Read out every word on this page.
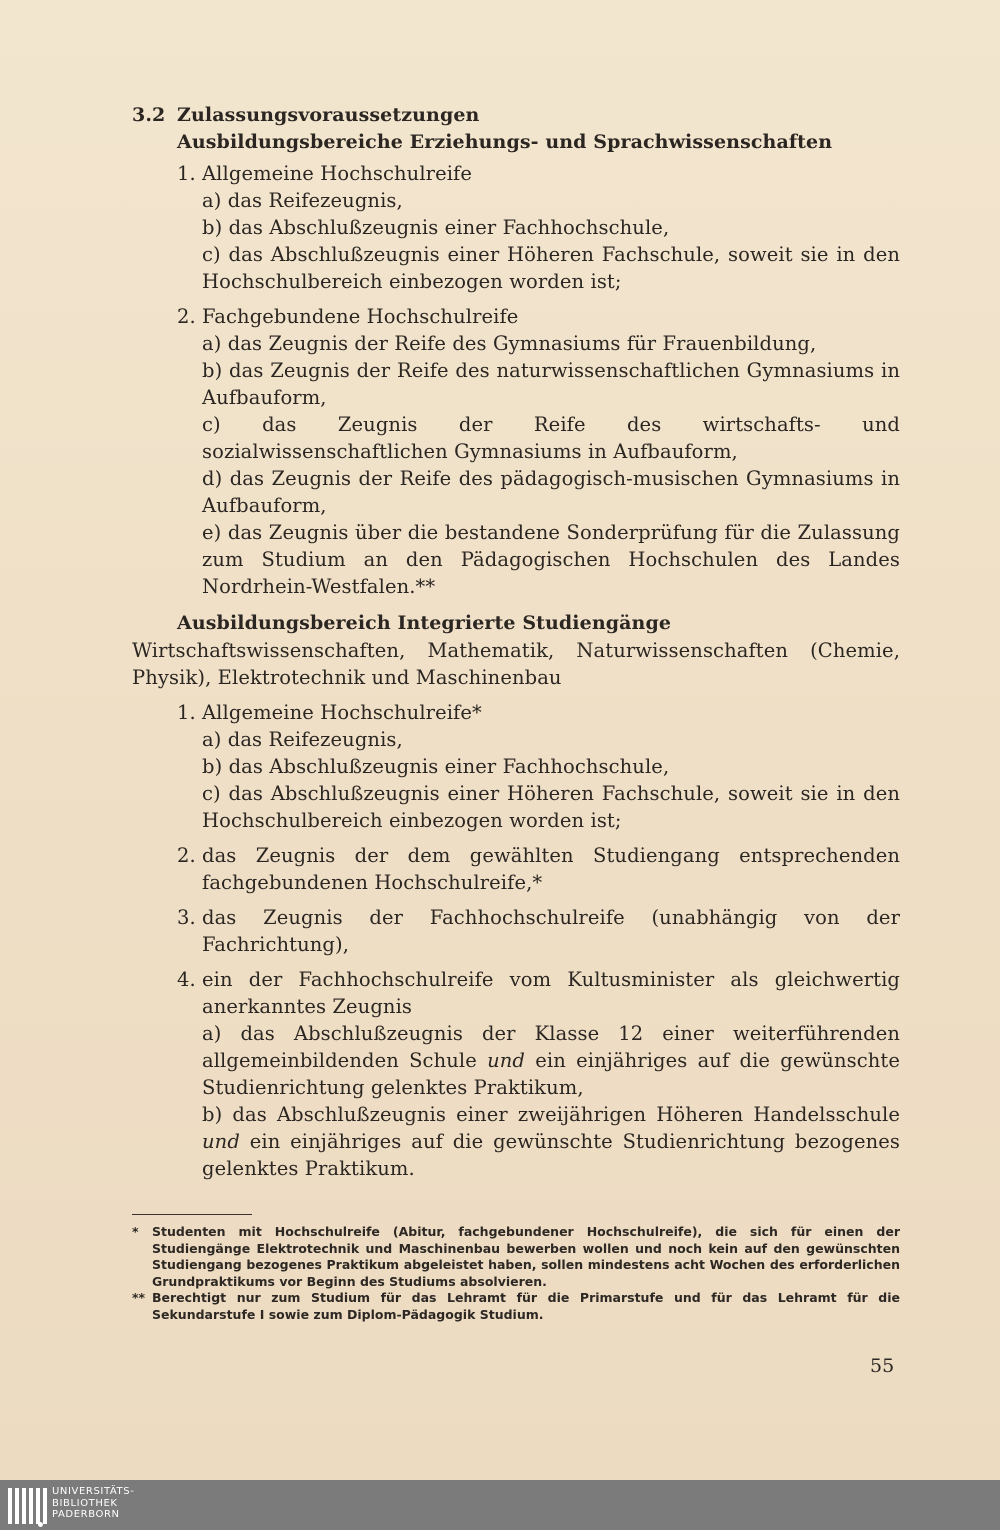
3.2 Zulassungsvoraussetzungen
Ausbildungsbereiche Erziehungs- und Sprachwissenschaften
1. Allgemeine Hochschulreife
a) das Reifezeugnis,
b) das Abschlußzeugnis einer Fachhochschule,
c) das Abschlußzeugnis einer Höheren Fachschule, soweit sie in den Hochschulbereich einbezogen worden ist;
2. Fachgebundene Hochschulreife
a) das Zeugnis der Reife des Gymnasiums für Frauenbildung,
b) das Zeugnis der Reife des naturwissenschaftlichen Gymnasiums in Aufbauform,
c) das Zeugnis der Reife des wirtschafts- und sozialwissenschaftlichen Gymnasiums in Aufbauform,
d) das Zeugnis der Reife des pädagogisch-musischen Gymnasiums in Aufbauform,
e) das Zeugnis über die bestandene Sonderprüfung für die Zulassung zum Studium an den Pädagogischen Hochschulen des Landes Nordrhein-Westfalen.**
Ausbildungsbereich Integrierte Studiengänge
Wirtschaftswissenschaften, Mathematik, Naturwissenschaften (Chemie, Physik), Elektrotechnik und Maschinenbau
1. Allgemeine Hochschulreife*
a) das Reifezeugnis,
b) das Abschlußzeugnis einer Fachhochschule,
c) das Abschlußzeugnis einer Höheren Fachschule, soweit sie in den Hochschulbereich einbezogen worden ist;
2. das Zeugnis der dem gewählten Studiengang entsprechenden fachgebundenen Hochschulreife,*
3. das Zeugnis der Fachhochschulreife (unabhängig von der Fachrichtung),
4. ein der Fachhochschulreife vom Kultusminister als gleichwertig anerkanntes Zeugnis
a) das Abschlußzeugnis der Klasse 12 einer weiterführenden allgemeinbildenden Schule und ein einjähriges auf die gewünschte Studienrichtung gelenktes Praktikum,
b) das Abschlußzeugnis einer zweijährigen Höheren Handelsschule und ein einjähriges auf die gewünschte Studienrichtung bezogenes gelenktes Praktikum.
*	Studenten mit Hochschulreife (Abitur, fachgebundener Hochschulreife), die sich für einen der Studiengänge Elektrotechnik und Maschinenbau bewerben wollen und noch kein auf den gewünschten Studiengang bezogenes Praktikum abgeleistet haben, sollen mindestens acht Wochen des erforderlichen Grundpraktikums vor Beginn des Studiums absolvieren.
** Berechtigt nur zum Studium für das Lehramt für die Primarstufe und für das Lehramt für die Sekundarstufe I sowie zum Diplom-Pädagogik Studium.
55
UNIVERSITÄTS-
BIBLIOTHEK
PADERBORN
